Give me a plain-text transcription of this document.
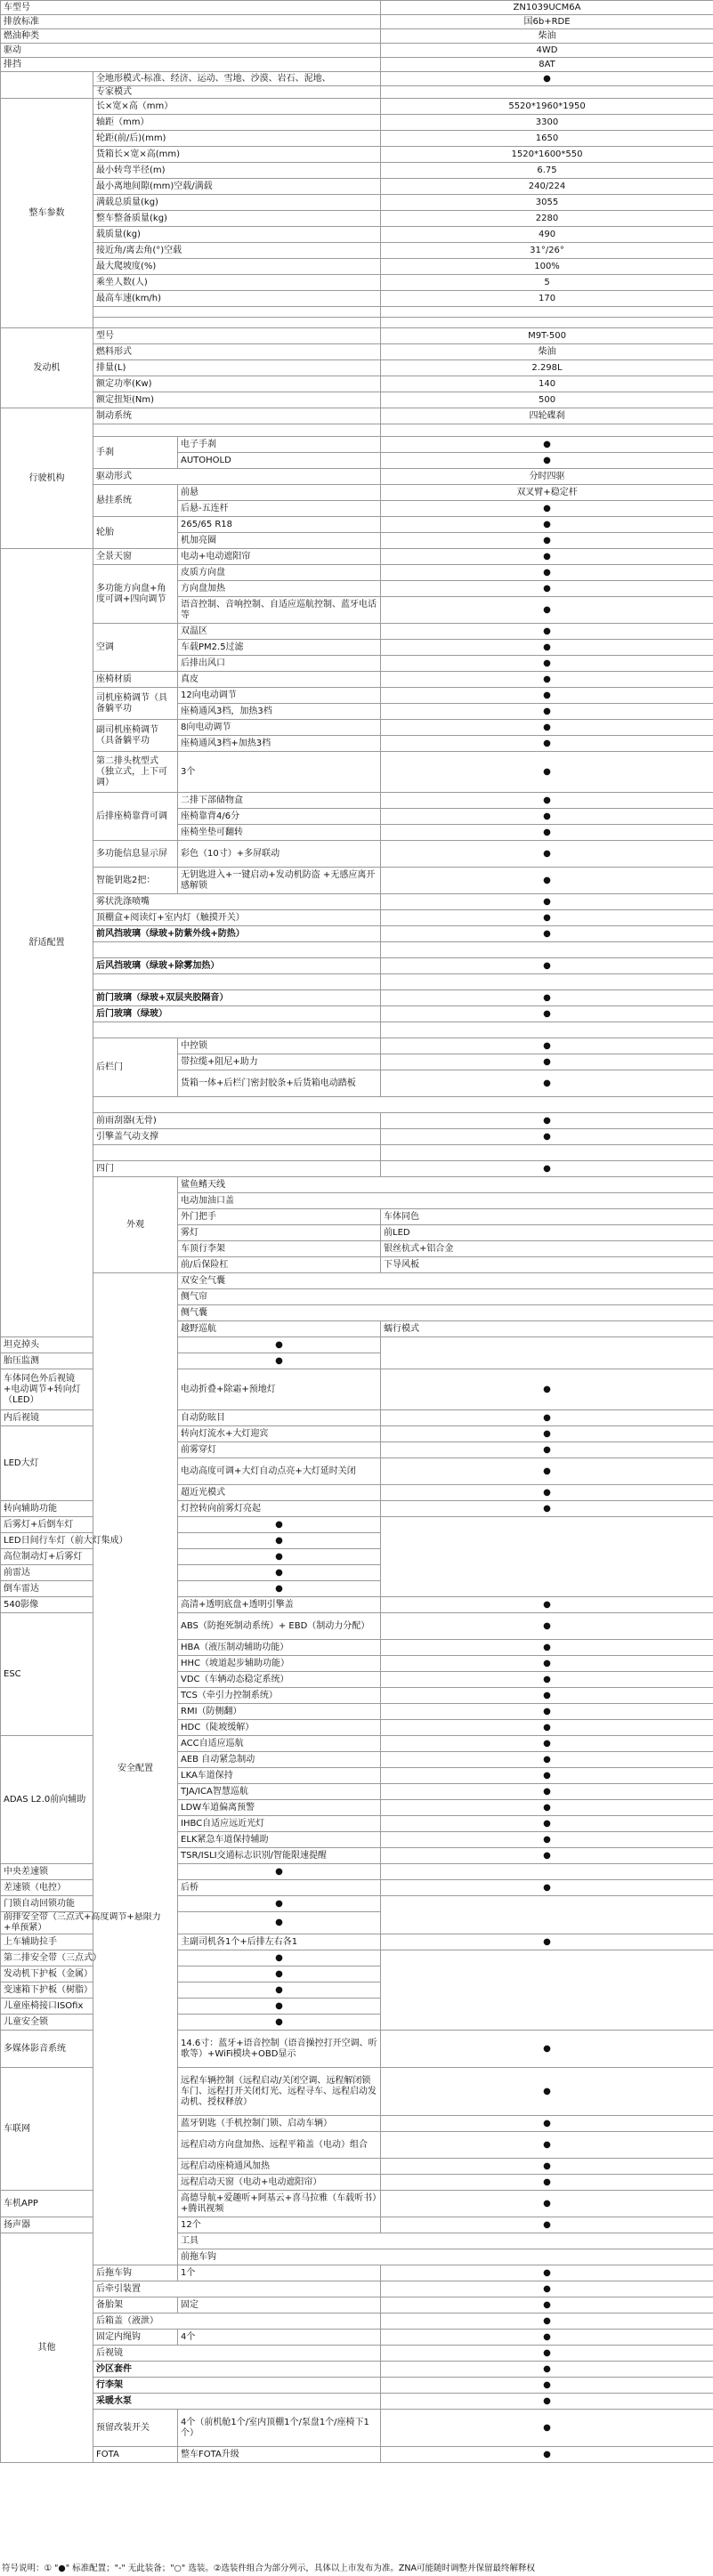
车型号			ZN1039UCM6A	
排放标准			国6b+RDE	
燃油种类			柴油	
驱动			4WD	
排挡			8AT	
	全地形模式-标准、经济、运动、雪地、沙漠、岩石、泥地、		●	
	专家模式			
整车参数	长×宽×高（mm）		5520*1960*1950	
	轴距（mm）		3300	
	轮距(前/后)(mm)		1650	
	货箱长×宽×高(mm)		1520*1600*550	
	最小转弯半径(m)		6.75	
	最小离地间隙(mm)空载/满载		240/224	
	满载总质量(kg)		3055	
	整车整备质量(kg)		2280	
	载质量(kg)		490	
	接近角/离去角(°)空载		31°/26°	
	最大爬坡度(%)		100%	
	乘坐人数(人)		5	
	最高车速(km/h)		170	

发动机	型号		M9T-500	
	燃料形式		柴油	
	排量(L)		2.298L	
	额定功率(Kw)		140	
	额定扭矩(Nm)		500	
行驶机构	制动系统		四轮碟刹	

	手刹	电子手刹	●	
		AUTOHOLD	●	
	驱动形式		分时四驱	
	悬挂系统	前悬	双叉臂+稳定杆	
		后悬-五连杆	●	
	轮胎	265/65 R18	●	
		机加亮圈	●	
舒适配置	全景天窗	电动+电动遮阳帘	●	
	多功能方向盘+角度可调+四向调节	皮质方向盘	●	
		方向盘加热	●	
		语音控制、音响控制、自适应巡航控制、蓝牙电话等	●	
	空调	双温区	●	
		车载PM2.5过滤	●	
		后排出风口	●	
	座椅材质	真皮	●	
	司机座椅调节（具备躺平功	12向电动调节	●	
		座椅通风3档，加热3档	●	
	副司机座椅调节（具备躺平功	8向电动调节	●	
		座椅通风3档+加热3档	●	
	第二排头枕型式（独立式，上下可调）	3个	●	
	后排座椅靠背可调	二排下部储物盒	●	
		座椅靠背4/6分	●	
		座椅坐垫可翻转	●	
	多功能信息显示屏	彩色（10寸）+多屏联动	●	
	智能钥匙2把：	无钥匙进入+一键启动+发动机防盗 +无感应离开感解锁	●	
	雾状洗涤喷嘴		●	
	顶棚盒+阅读灯+室内灯（触摸开关）		●	
	前风挡玻璃（绿玻+防紫外线+防热）		●	

	后风挡玻璃（绿玻+除雾加热）		●	

	前门玻璃（绿玻+双层夹胶隔音）		●	
	后门玻璃（绿玻）		●	

	后栏门	中控锁	●	
		带拉缆+阻尼+助力	●	
		货箱一体+后栏门密封胶条+后货箱电动踏板	●	

	前雨刮器(无骨)		●	
	引擎盖气动支撑		●	

	四门		●	
	外观	鲨鱼鳍天线	
		电动加油口盖	
		外门把手	车体同色	
		雾灯	前LED	
		车顶行李架	银丝杭式+铝合金	
		前/后保险杠	下导风板	
	安全配置	双安全气囊	
		侧气帘	
		侧气囊	
		越野巡航	蠕行模式	
坦克掉头		●		
胎压监测		●		
车体同色外后视镜+电动调节+转向灯（LED）		电动折叠+除霜+预地灯	●	
内后视镜		自动防眩目	●	
LED大灯		转向灯流水+大灯迎宾	●	
		前雾穿灯	●	
		电动高度可调+大灯自动点亮+大灯延时关闭	●	
		超近光模式	●	
转向辅助功能		灯控转向前雾灯亮起	●	
后雾灯+后倒车灯		●		
LED日间行车灯（前大灯集成）		●		
高位制动灯+后雾灯		●		
前雷达		●		
倒车雷达		●		
540影像		高清+透明底盘+透明引擎盖	●	
ESC		ABS（防抱死制动系统）+ EBD（制动力分配）	●	
		HBA（液压制动辅助功能）	●	
		HHC（坡道起步辅助功能）	●	
		VDC（车辆动态稳定系统）	●	
		TCS（牵引力控制系统）	●	
		RMI（防侧翻）	●	
		HDC（陡坡缓解）	●	
ADAS L2.0前向辅助		ACC自适应巡航	●	
		AEB 自动紧急制动	●	
		LKA车道保持	●	
		TJA/ICA智慧巡航	●	
		LDW车道偏离预警	●	
		IHBC自适应远近光灯	●	
		ELK紧急车道保持辅助	●	
		TSR/ISLI交通标志识别/智能限速提醒	●	
中央差速锁		●		
差速锁（电控）		后桥	●	
门锁自动回锁功能		●		
前排安全带（三点式+高度调节+悬限力+单预紧）		●		
上车辅助拉手		主副司机各1个+后排左右各1	●	
第二排安全带（三点式）		●		
发动机下护板（金属）		●		
变速箱下护板（树脂）		●		
儿童座椅接口ISOfix		●		
儿童安全锁		●		
多媒体影音系统		14.6寸：蓝牙+语音控制（语音操控打开空调、听歌等）+WiFi模块+OBD显示	●	
车联网		远程车辆控制（远程启动/关闭空调、远程解闭锁车门、远程打开关闭灯光、远程寻车、远程启动发动机、授权释放）	●	
		蓝牙钥匙（手机控制门锁、启动车辆）	●	
		远程启动方向盘加热、远程平箱盖（电动）组合	●	
		远程启动座椅通风加热	●	
		远程启动天窗（电动+电动遮阳帘）	●	
车机APP		高德导航+爱趣听+阿基云+喜马拉雅（车载听书）+腾讯视频	●	
扬声器		12个	●	
其他		工具	
		前拖车钩	
	后拖车钩	1个	●	
	后牵引装置		●	
	备胎架	固定	●	
	后箱盖（液泄）		●	
	固定内绳钩	4个	●	
	后视镜		●	
	沙区套件		●	
	行李架		●	
	采暖水泵		●	
	预留改装开关	4个（前机舱1个/室内顶棚1个/泵盘1个/座椅下1个）	●	
	FOTA	整车FOTA升级	●	
符号说明：① "●" 标准配置；"-" 无此装备；"○" 选装。②选装件组合为部分列示，具体以上市发布为准。ZNA可能随时调整并保留最终解释权
